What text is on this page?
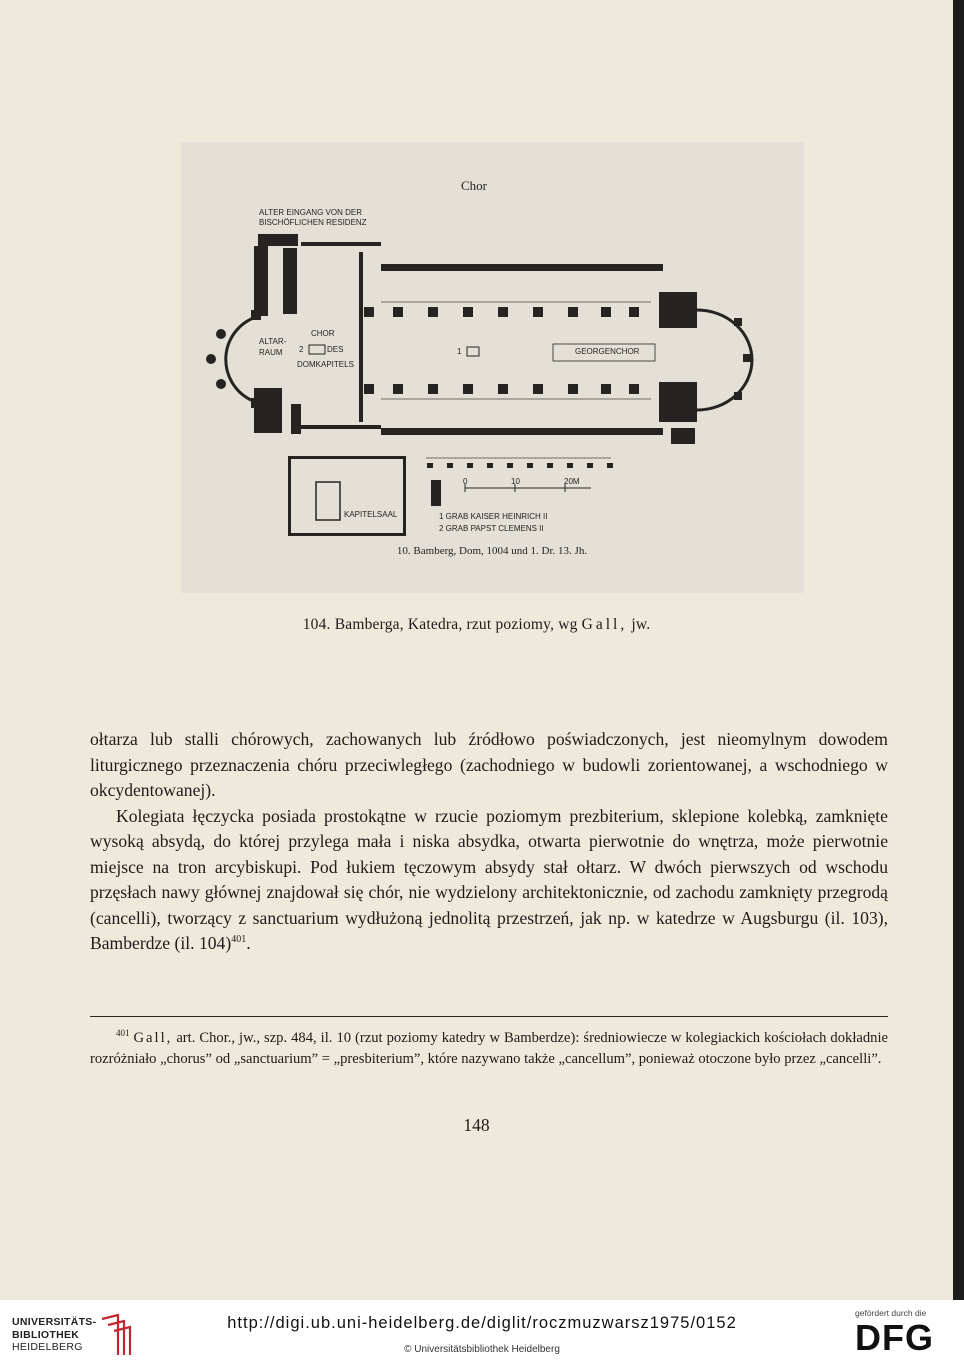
Chor
ALTER EINGANG VON DER
BISCHÖFLICHEN RESIDENZ
ALTAR-
RAUM
CHOR
2	DES
DOMKAPITELS
1	GEORGENCHOR
KAPITELSAAL
0	10	20M
1 GRAB KAISER HEINRICH II
2 GRAB PAPST CLEMENS II
10. Bamberg, Dom, 1004 und 1. Dr. 13. Jh.
104. Bamberga, Katedra, rzut poziomy, wg Gall, jw.

ołtarza lub stalli chórowych, zachowanych lub źródłowo poświadczonych, jest nieomylnym dowodem liturgicznego przeznaczenia chóru przeciwległego (zachodniego w budowli zorientowanej, a wschodniego w okcydentowanej).

Kolegiata łęczycka posiada prostokątne w rzucie poziomym prezbiterium, sklepione kolebką, zamknięte wysoką absydą, do której przylega mała i niska absydka, otwarta pierwotnie do wnętrza, może pierwotnie miejsce na tron arcybiskupi. Pod łukiem tęczowym absydy stał ołtarz. W dwóch pierwszych od wschodu przęsłach nawy głównej znajdował się chór, nie wydzielony architektonicznie, od zachodu zamknięty przegrodą (cancelli), tworzący z sanctuarium wydłużoną jednolitą przestrzeń, jak np. w katedrze w Augsburgu (il. 103), Bamberdze (il. 104)$^{401}$.

$^{401}$ Gall, art. Chor., jw., szp. 484, il. 10 (rzut poziomy katedry w Bamberdze): średniowiecze w kolegiackich kościołach dokładnie rozróżniało „chorus” od „sanctuarium” = „presbiterium”, które nazywano także „cancellum”, ponieważ otoczone było przez „cancelli”.

148
UNIVERSITÄTS-
BIBLIOTHEK
HEIDELBERG
http://digi.ub.uni-heidelberg.de/diglit/roczmuzwarsz1975/0152
© Universitätsbibliothek Heidelberg
gefördert durch die
DFG
